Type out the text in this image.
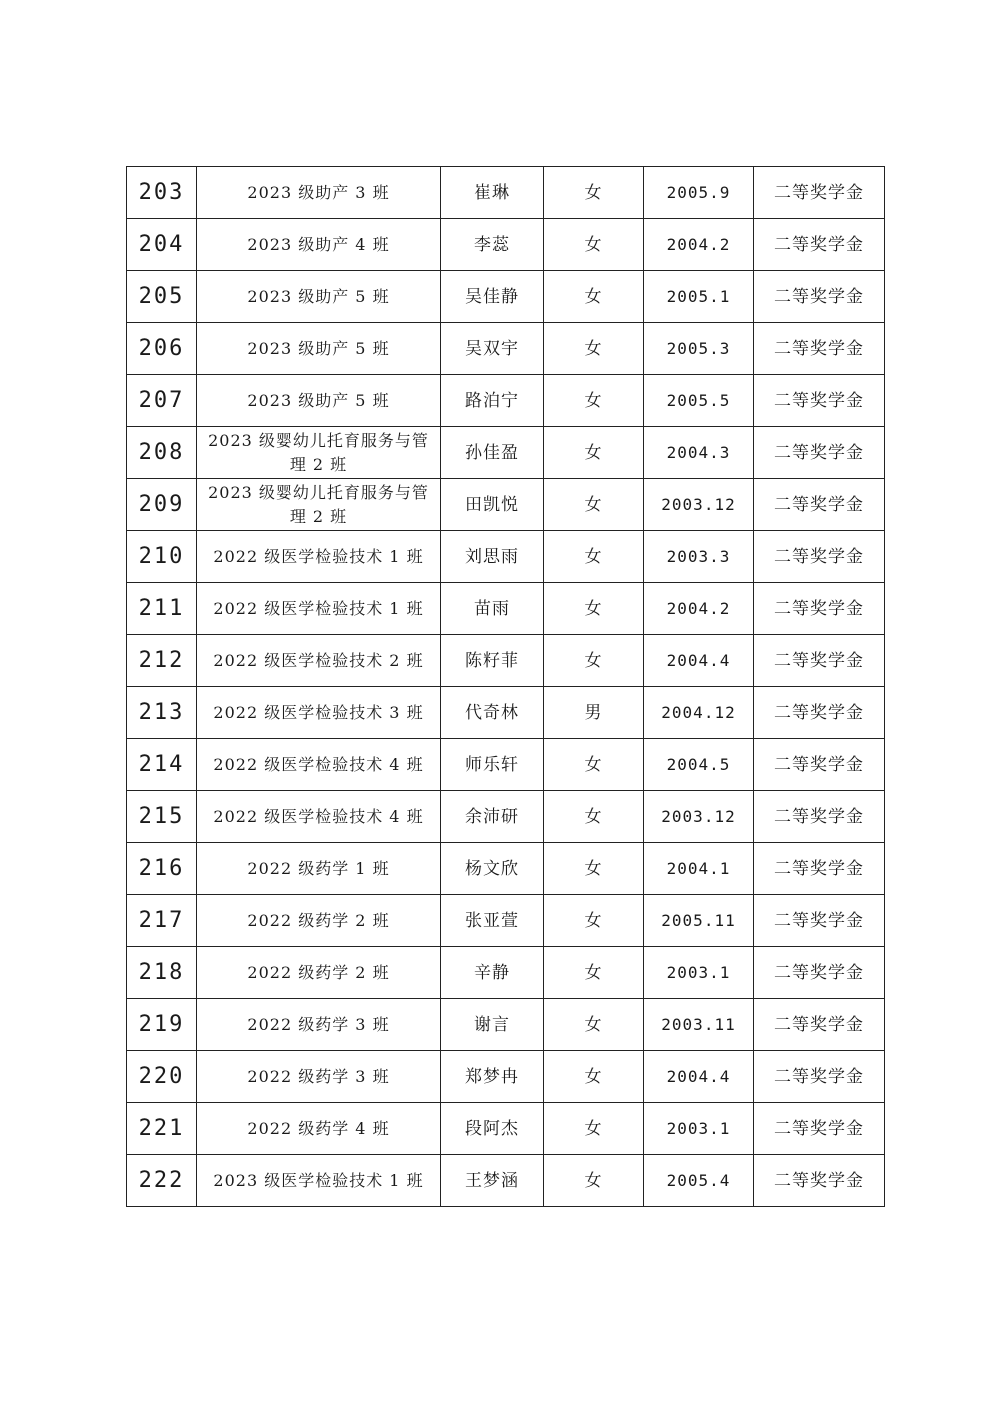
203	2023 级助产 3 班	崔琳	女	2005.9	二等奖学金
204	2023 级助产 4 班	李蕊	女	2004.2	二等奖学金
205	2023 级助产 5 班	吴佳静	女	2005.1	二等奖学金
206	2023 级助产 5 班	吴双宇	女	2005.3	二等奖学金
207	2023 级助产 5 班	路泊宁	女	2005.5	二等奖学金
208	2023 级婴幼儿托育服务与管理 2 班	孙佳盈	女	2004.3	二等奖学金
209	2023 级婴幼儿托育服务与管理 2 班	田凯悦	女	2003.12	二等奖学金
210	2022 级医学检验技术 1 班	刘思雨	女	2003.3	二等奖学金
211	2022 级医学检验技术 1 班	苗雨	女	2004.2	二等奖学金
212	2022 级医学检验技术 2 班	陈籽菲	女	2004.4	二等奖学金
213	2022 级医学检验技术 3 班	代奇林	男	2004.12	二等奖学金
214	2022 级医学检验技术 4 班	师乐轩	女	2004.5	二等奖学金
215	2022 级医学检验技术 4 班	余沛研	女	2003.12	二等奖学金
216	2022 级药学 1 班	杨文欣	女	2004.1	二等奖学金
217	2022 级药学 2 班	张亚萱	女	2005.11	二等奖学金
218	2022 级药学 2 班	辛静	女	2003.1	二等奖学金
219	2022 级药学 3 班	谢言	女	2003.11	二等奖学金
220	2022 级药学 3 班	郑梦冉	女	2004.4	二等奖学金
221	2022 级药学 4 班	段阿杰	女	2003.1	二等奖学金
222	2023 级医学检验技术 1 班	王梦涵	女	2005.4	二等奖学金
